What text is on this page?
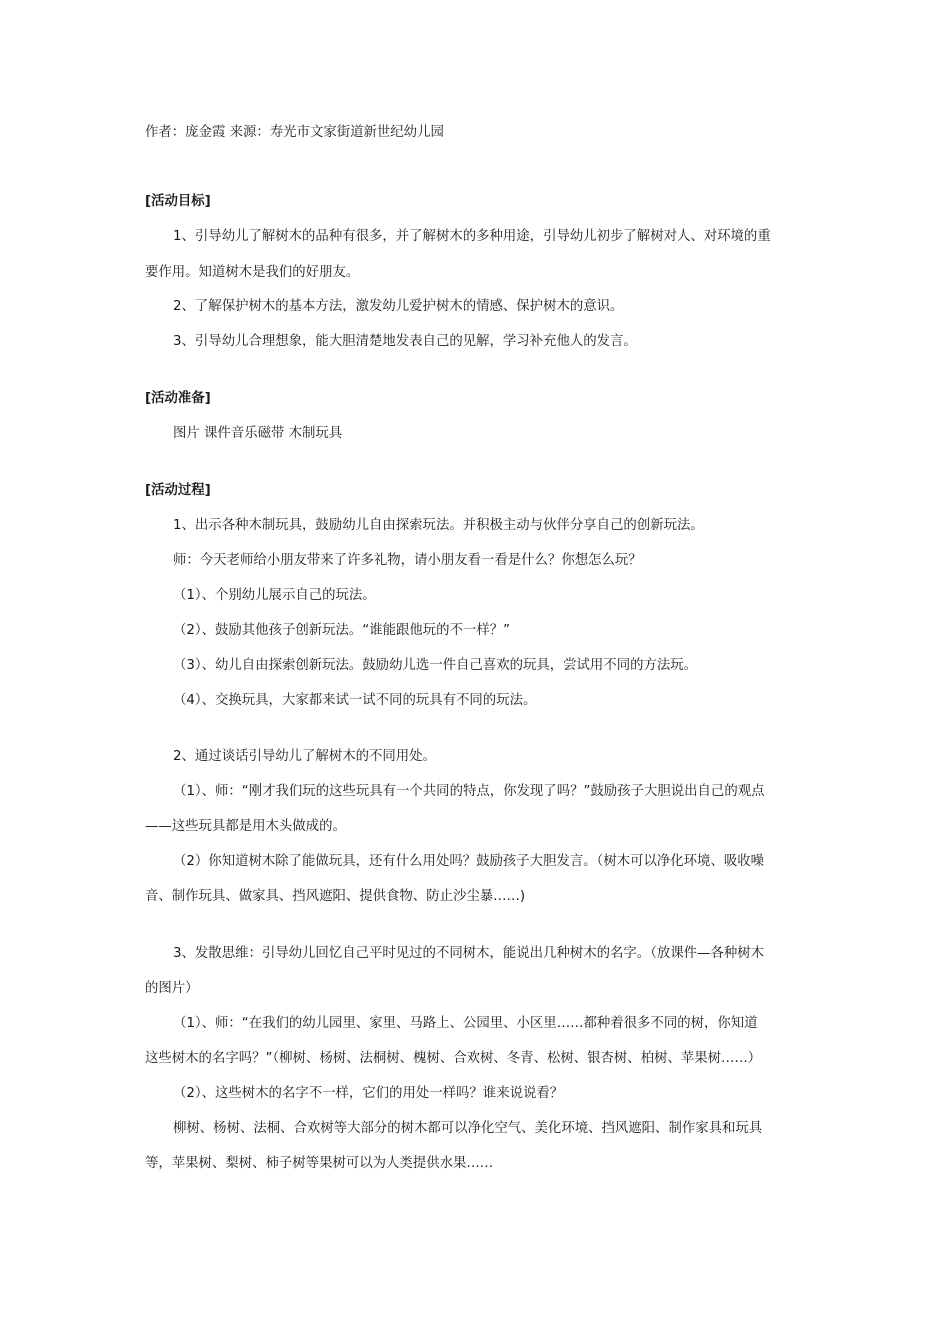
作者：庞金霞 来源：寿光市文家街道新世纪幼儿园
[活动目标]
1、引导幼儿了解树木的品种有很多，并了解树木的多种用途，引导幼儿初步了解树对人、对环境的重
要作用。知道树木是我们的好朋友。
2、了解保护树木的基本方法，激发幼儿爱护树木的情感、保护树木的意识。
3、引导幼儿合理想象，能大胆清楚地发表自己的见解，学习补充他人的发言。
[活动准备]
图片 课件音乐磁带 木制玩具
[活动过程]
1、出示各种木制玩具，鼓励幼儿自由探索玩法。并积极主动与伙伴分享自己的创新玩法。
师：今天老师给小朋友带来了许多礼物，请小朋友看一看是什么？你想怎么玩？
（1）、个别幼儿展示自己的玩法。
（2）、鼓励其他孩子创新玩法。“谁能跟他玩的不一样？”
（3）、幼儿自由探索创新玩法。鼓励幼儿选一件自己喜欢的玩具，尝试用不同的方法玩。
（4）、交换玩具，大家都来试一试不同的玩具有不同的玩法。
2、通过谈话引导幼儿了解树木的不同用处。
（1）、师：“刚才我们玩的这些玩具有一个共同的特点，你发现了吗？”鼓励孩子大胆说出自己的观点
——这些玩具都是用木头做成的。
（2）你知道树木除了能做玩具，还有什么用处吗？鼓励孩子大胆发言。（树木可以净化环境、吸收噪
音、制作玩具、做家具、挡风遮阳、提供食物、防止沙尘暴……)
3、发散思维：引导幼儿回忆自己平时见过的不同树木，能说出几种树木的名字。（放课件—各种树木
的图片）
（1）、师：“在我们的幼儿园里、家里、马路上、公园里、小区里……都种着很多不同的树，你知道
这些树木的名字吗？”（柳树、杨树、法桐树、槐树、合欢树、冬青、松树、银杏树、柏树、苹果树……）
（2）、这些树木的名字不一样，它们的用处一样吗？谁来说说看？
柳树、杨树、法桐、合欢树等大部分的树木都可以净化空气、美化环境、挡风遮阳、制作家具和玩具
等，苹果树、梨树、柿子树等果树可以为人类提供水果……
